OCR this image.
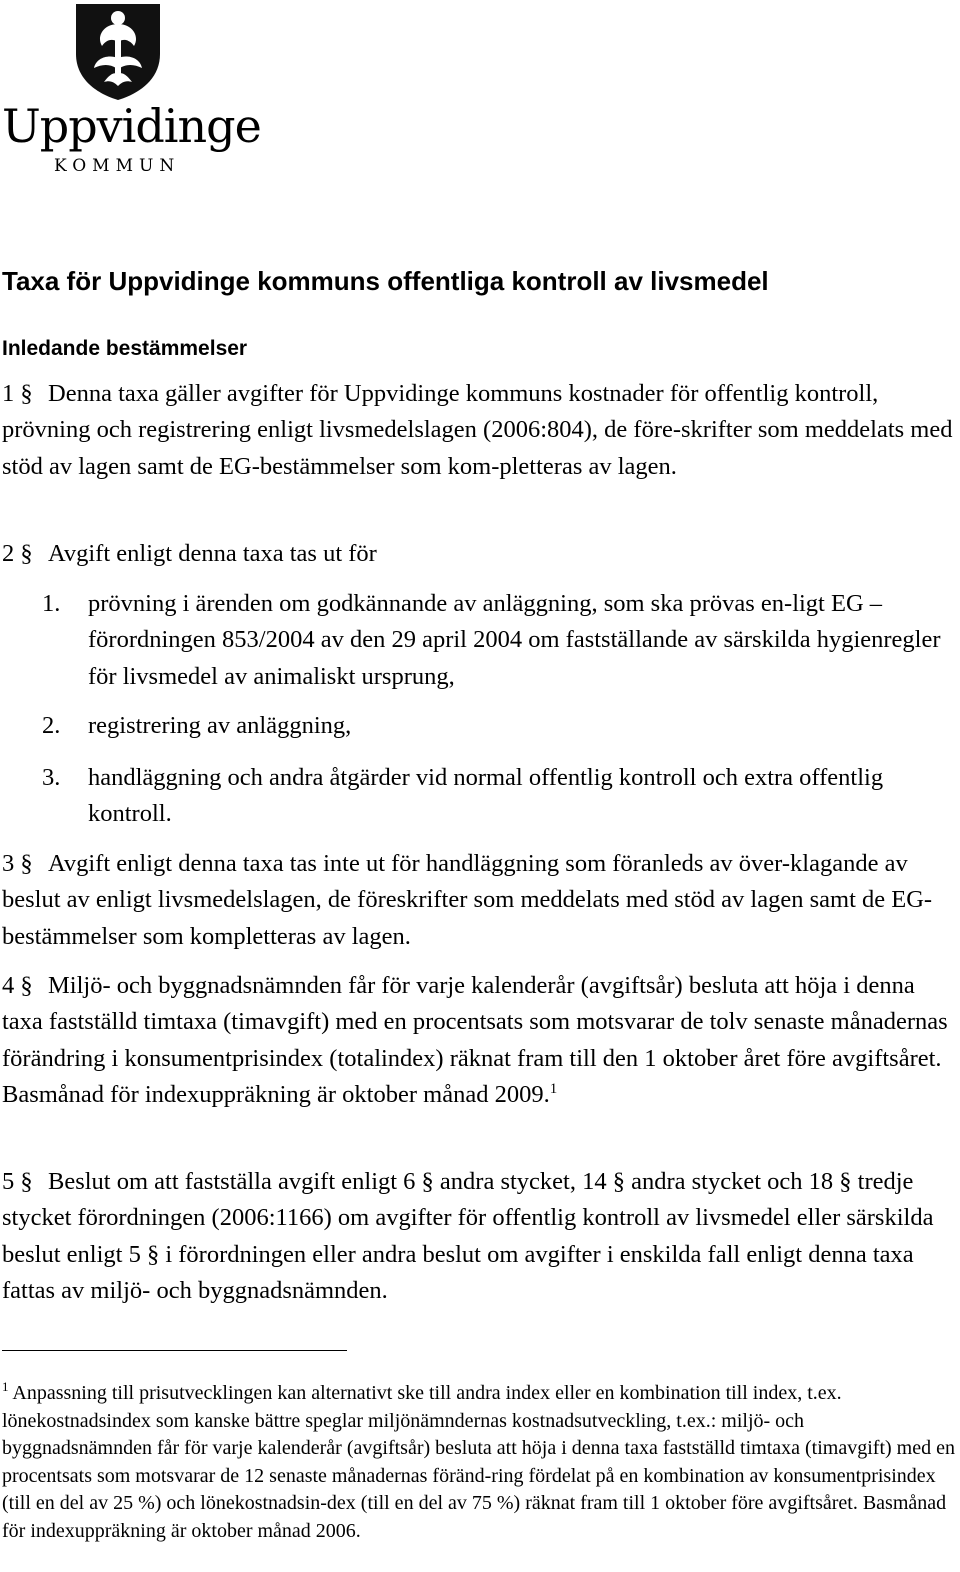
Uppvidinge

KOMMUN

Taxa för Uppvidinge kommuns offentliga kontroll av livsmedel
Inledande bestämmelser

1 § Denna taxa gäller avgifter för Uppvidinge kommuns kostnader för offentlig kontroll, prövning och registrering enligt livsmedelslagen (2006:804), de före-skrifter som meddelats med stöd av lagen samt de EG-bestämmelser som kom-pletteras av lagen.

2 § Avgift enligt denna taxa tas ut för

1. prövning i ärenden om godkännande av anläggning, som ska prövas en-ligt EG – förordningen 853/2004 av den 29 april 2004 om fastställande av särskilda hygienregler för livsmedel av animaliskt ursprung,
2. registrering av anläggning,
3. handläggning och andra åtgärder vid normal offentlig kontroll och extra offentlig kontroll.

3 § Avgift enligt denna taxa tas inte ut för handläggning som föranleds av över-klagande av beslut av enligt livsmedelslagen, de föreskrifter som meddelats med stöd av lagen samt de EG-bestämmelser som kompletteras av lagen.

4 § Miljö- och byggnadsnämnden får för varje kalenderår (avgiftsår) besluta att höja i denna taxa fastställd timtaxa (timavgift) med en procentsats som motsvarar de tolv senaste månadernas förändring i konsumentprisindex (totalindex) räknat fram till den 1 oktober året före avgiftsåret. Basmånad för indexuppräkning är oktober månad 2009.$^1$

5 § Beslut om att fastställa avgift enligt 6 § andra stycket, 14 § andra stycket och 18 § tredje stycket förordningen (2006:1166) om avgifter för offentlig kontroll av livsmedel eller särskilda beslut enligt 5 § i förordningen eller andra beslut om avgifter i enskilda fall enligt denna taxa fattas av miljö- och byggnadsnämnden.

$^1$ Anpassning till prisutvecklingen kan alternativt ske till andra index eller en kombination till index, t.ex. lönekostnadsindex som kanske bättre speglar miljönämndernas kostnadsutveckling, t.ex.: miljö- och byggnadsnämnden får för varje kalenderår (avgiftsår) besluta att höja i denna taxa fastställd timtaxa (timavgift) med en procentsats som motsvarar de 12 senaste månadernas föränd-ring fördelat på en kombination av konsumentprisindex (till en del av 25 %) och lönekostnadsin-dex (till en del av 75 %) räknat fram till 1 oktober före avgiftsåret. Basmånad för indexuppräkning är oktober månad 2006.
